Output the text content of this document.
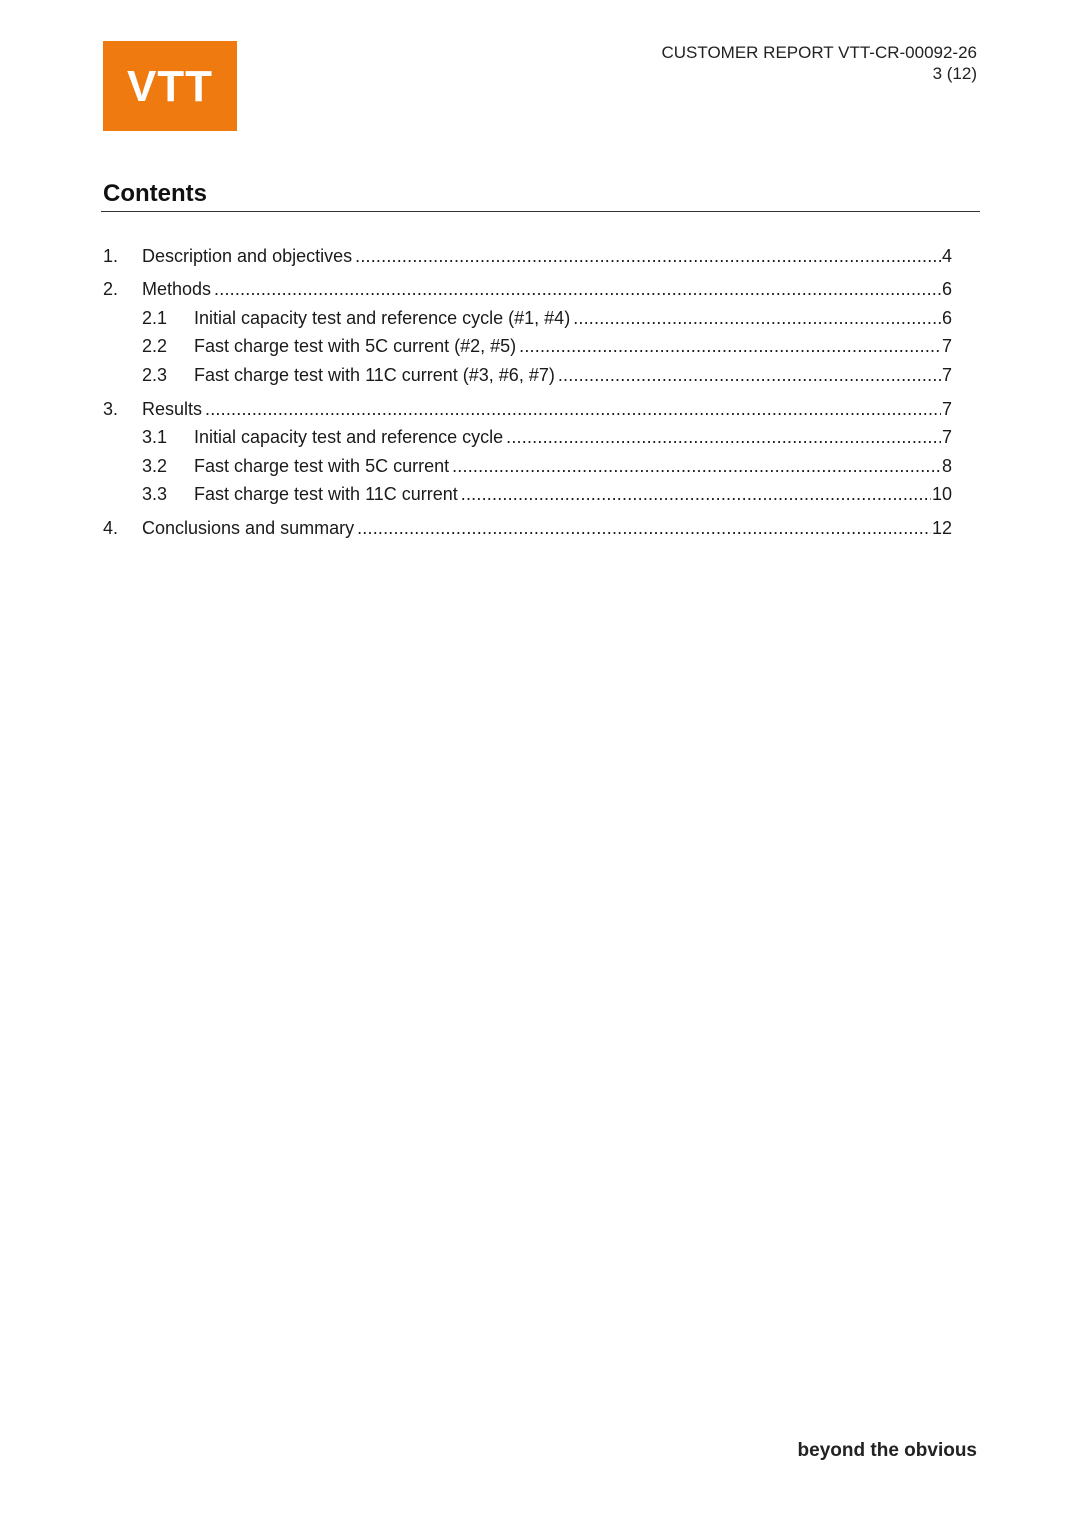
VTT
CUSTOMER REPORT VTT-CR-00092-26
3 (12)
Contents
1.	Description and objectives .....	4
2.	Methods .....	6
2.1	Initial capacity test and reference cycle (#1, #4) .....	6
2.2	Fast charge test with 5C current (#2, #5) .....	7
2.3	Fast charge test with 11C current (#3, #6, #7) .....	7
3.	Results .....	7
3.1	Initial capacity test and reference cycle .....	7
3.2	Fast charge test with 5C current .....	8
3.3	Fast charge test with 11C current .....	10
4.	Conclusions and summary .....	12
beyond the obvious
